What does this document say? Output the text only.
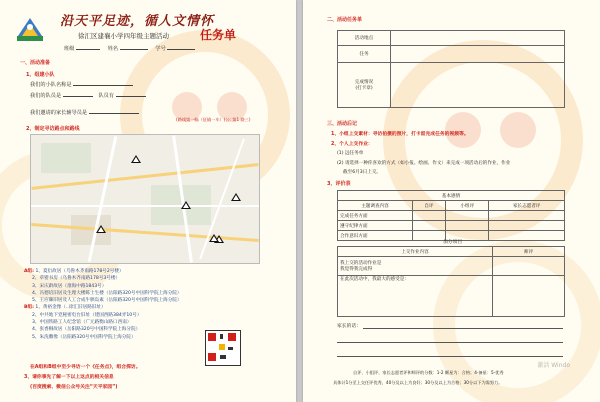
沿天平足迹，循人文情怀
徐汇区建襄小学四年级主题活动	任务单
班级	姓名	学号
一、活动准备
1、组建小队
我们的小队名称是
我们的队员是	队员有
我们邀请的家长辅导员是
(路线第一幅（征输一车）(公: 第1 路三)
2、制定寻访路点和路线
A组: 1、夏衍故居（乌鲁木齐南路178号2号楼）
2、草婴书房（乌鲁木齐南路178号3号楼）
3、宋庆龄故居（淮海中路1843号）
4、冯德培旧居及生理大楼陈士生楼（岳阳路320号中国科学院上海分院）
5、王应睐旧居及人工合成牛胰岛素（岳阳路320号中国科学院上海分院）
B组: 1、黄裕金像（..徐汇旧居路旧址）
2、中共地下党秘密电台旧址（建国西路384弄10号）
3、中国铁路工人纪念馆（广元路衡山路口西南）
4、张香桐故居（岳阳路320号中国科学院上海分院）
5、朱洗雕像（岳阳路320号中国科学院上海分院）
在A组和B组中至少寻访一个《任务点》，组合探访。
3、请你事先了解一下以上这点的相关信息
(百度搜索、微信公众号关注“天平家园”)
二、活动任务单
活动地点	
任务	
完成情况
(打卡章)	
三、活动后记
1、小组上交素材：寻访拍摄的照片，打卡留完成任务的视频等。
2、个人上交作业：
(1) 远任务单
(2) 请选择一种你喜欢的方式（如小报、绘画、作文）来完成一项活动后的作业，作业
截至6月3日上交。
3、评价表
基本感情			
主题调查内容	自评	小组评	家长志愿者评
完成任务方面			
遵守纪律方面			
合作意识方面			
加分项目
上交作业内容	师评
我上交的活动作业是
我觉得我完成得	
在此次活动中，我最大的感受是：	
家长的话：
自评、小组评、家长志愿者评和师评的分数：1-2 颗星为：合格；4-备星：5-优秀
具体计1分至上交任评优秀，40分及以上为良好；30分及以上为合格；30分以下为需努力。
激活 Windo
